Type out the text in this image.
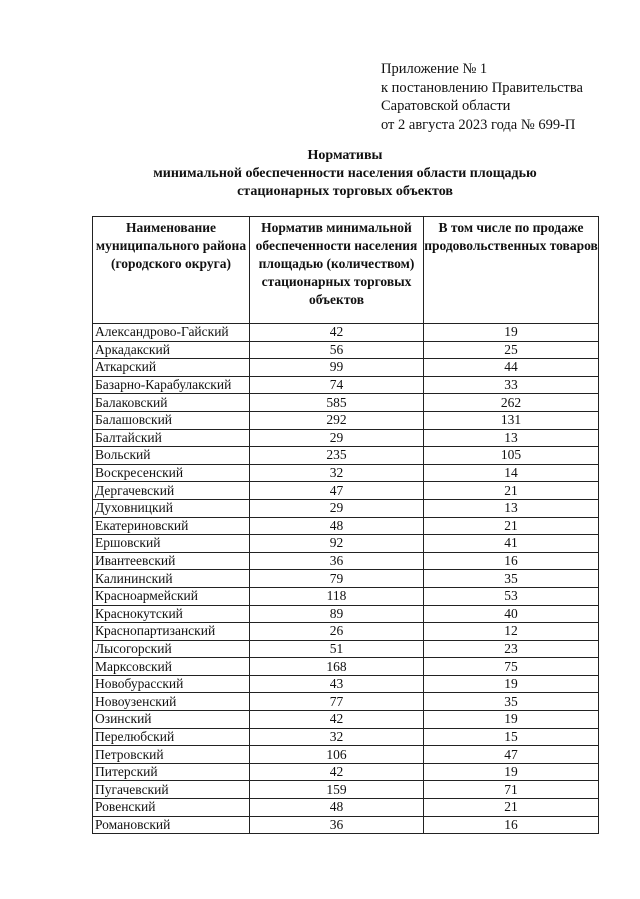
Приложение № 1
к постановлению Правительства
Саратовской области
от 2 августа 2023 года № 699-П
Нормативы
минимальной обеспеченности населения области площадью
стационарных торговых объектов
Наименование муниципального района (городского округа)	Норматив минимальной обеспеченности населения площадью (количеством) стационарных торговых объектов	В том числе по продаже продовольственных товаров
Александрово-Гайский	42	19
Аркадакский	56	25
Аткарский	99	44
Базарно-Карабулакский	74	33
Балаковский	585	262
Балашовский	292	131
Балтайский	29	13
Вольский	235	105
Воскресенский	32	14
Дергачевский	47	21
Духовницкий	29	13
Екатериновский	48	21
Ершовский	92	41
Ивантеевский	36	16
Калининский	79	35
Красноармейский	118	53
Краснокутский	89	40
Краснопартизанский	26	12
Лысогорский	51	23
Марксовский	168	75
Новобурасский	43	19
Новоузенский	77	35
Озинский	42	19
Перелюбский	32	15
Петровский	106	47
Питерский	42	19
Пугачевский	159	71
Ровенский	48	21
Романовский	36	16
